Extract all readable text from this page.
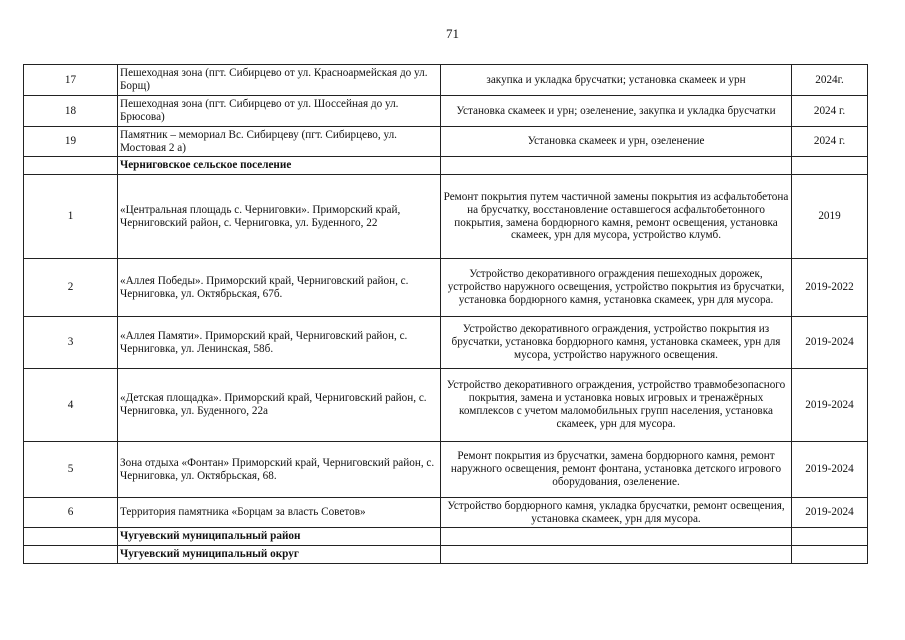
71
17	Пешеходная зона (пгт. Сибирцево от ул. Красноармейская до ул. Борщ)	закупка и укладка брусчатки; установка скамеек и урн	2024г.
18	Пешеходная зона (пгт. Сибирцево от ул. Шоссейная до ул. Брюсова)	Установка скамеек и урн; озеленение, закупка и укладка брусчатки	2024 г.
19	Памятник – мемориал Вс. Сибирцеву (пгт. Сибирцево, ул. Мостовая 2 а)	Установка скамеек и урн, озеленение	2024 г.
	Черниговское сельское поселение		
1	«Центральная площадь с. Черниговки». Приморский край, Черниговский район, с. Черниговка, ул. Буденного, 22	Ремонт покрытия путем частичной замены покрытия из асфальтобетона на брусчатку, восстановление оставшегося асфальтобетонного покрытия, замена бордюрного камня, ремонт освещения, установка скамеек, урн для мусора, устройство клумб.	2019
2	«Аллея Победы». Приморский край, Черниговский район, с. Черниговка, ул. Октябрьская, 67б.	Устройство декоративного ограждения пешеходных дорожек, устройство наружного освещения, устройство покрытия из брусчатки, установка бордюрного камня, установка скамеек, урн для мусора.	2019-2022
3	«Аллея Памяти». Приморский край, Черниговский район, с. Черниговка, ул. Ленинская, 58б.	Устройство декоративного ограждения, устройство покрытия из брусчатки, установка бордюрного камня, установка скамеек, урн для мусора, устройство наружного освещения.	2019-2024
4	«Детская площадка». Приморский край, Черниговский район, с. Черниговка, ул. Буденного, 22а	Устройство декоративного ограждения, устройство травмобезопасного покрытия, замена и установка новых игровых и тренажёрных комплексов с учетом маломобильных групп населения, установка скамеек, урн для мусора.	2019-2024
5	Зона отдыха «Фонтан» Приморский край, Черниговский район, с. Черниговка, ул. Октябрьская, 68.	Ремонт покрытия из брусчатки, замена бордюрного камня, ремонт наружного освещения, ремонт фонтана, установка детского игрового оборудования, озеленение.	2019-2024
6	Территория памятника «Борцам за власть Советов»	Устройство бордюрного камня, укладка брусчатки, ремонт освещения, установка скамеек, урн для мусора.	2019-2024
	Чугуевский муниципальный район		
	Чугуевский муниципальный округ		
